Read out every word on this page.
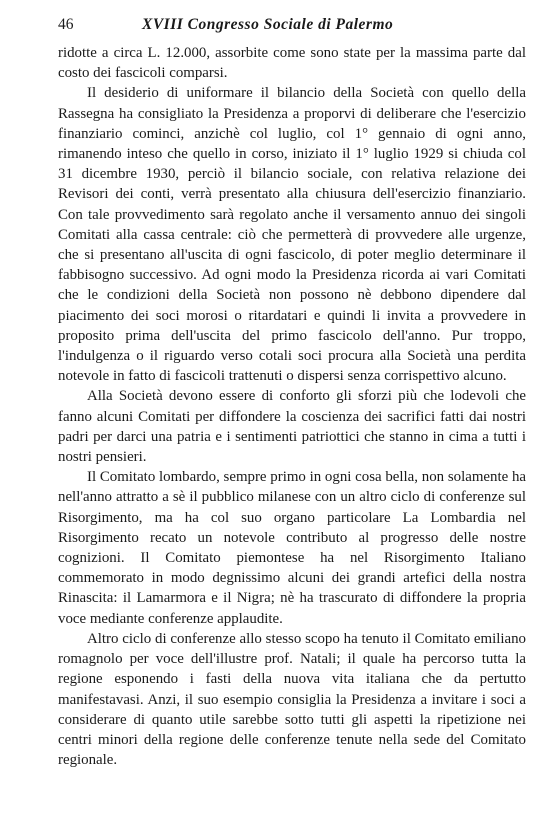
46	XVIII Congresso Sociale di Palermo

ridotte a circa L. 12.000, assorbite come sono state per la massima parte dal costo dei fascicoli comparsi.

Il desiderio di uniformare il bilancio della Società con quello della Rassegna ha consigliato la Presidenza a proporvi di deliberare che l'esercizio finanziario cominci, anzichè col luglio, col 1° gennaio di ogni anno, rimanendo inteso che quello in corso, iniziato il 1° luglio 1929 si chiuda col 31 dicembre 1930, perciò il bilancio sociale, con relativa relazione dei Revisori dei conti, verrà presentato alla chiusura dell'esercizio finanziario. Con tale provvedimento sarà regolato anche il versamento annuo dei singoli Comitati alla cassa centrale: ciò che permetterà di provvedere alle urgenze, che si presentano all'uscita di ogni fascicolo, di poter meglio determinare il fabbisogno successivo. Ad ogni modo la Presidenza ricorda ai vari Comitati che le condizioni della Società non possono nè debbono dipendere dal piacimento dei soci morosi o ritardatari e quindi li invita a provvedere in proposito prima dell'uscita del primo fascicolo dell'anno. Pur troppo, l'indulgenza o il riguardo verso cotali soci procura alla Società una perdita notevole in fatto di fascicoli trattenuti o dispersi senza corrispettivo alcuno.

Alla Società devono essere di conforto gli sforzi più che lodevoli che fanno alcuni Comitati per diffondere la coscienza dei sacrifici fatti dai nostri padri per darci una patria e i sentimenti patriottici che stanno in cima a tutti i nostri pensieri.

Il Comitato lombardo, sempre primo in ogni cosa bella, non solamente ha nell'anno attratto a sè il pubblico milanese con un altro ciclo di conferenze sul Risorgimento, ma ha col suo organo particolare La Lombardia nel Risorgimento recato un notevole contributo al progresso delle nostre cognizioni. Il Comitato piemontese ha nel Risorgimento Italiano commemorato in modo degnissimo alcuni dei grandi artefici della nostra Rinascita: il Lamarmora e il Nigra; nè ha trascurato di diffondere la propria voce mediante conferenze applaudite.

Altro ciclo di conferenze allo stesso scopo ha tenuto il Comitato emiliano romagnolo per voce dell'illustre prof. Natali; il quale ha percorso tutta la regione esponendo i fasti della nuova vita italiana che da pertutto manifestavasi. Anzi, il suo esempio consiglia la Presidenza a invitare i soci a considerare di quanto utile sarebbe sotto tutti gli aspetti la ripetizione nei centri minori della regione delle conferenze tenute nella sede del Comitato regionale.
